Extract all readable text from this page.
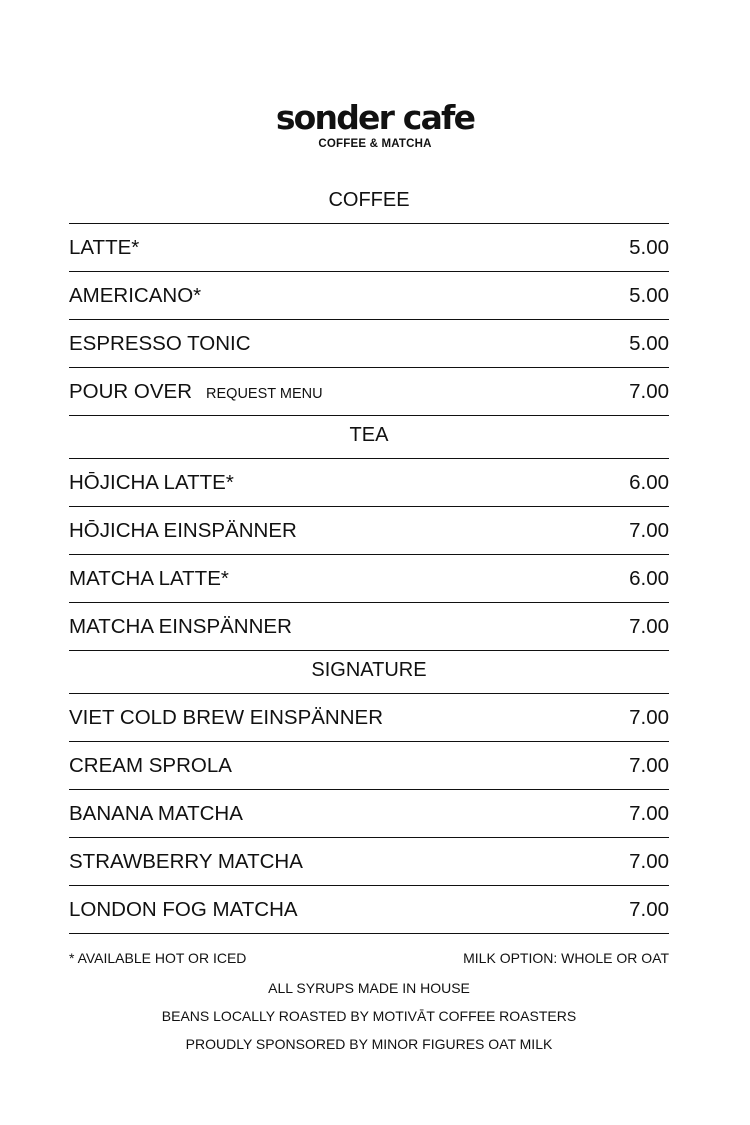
sonder cafe
COFFEE & MATCHA
COFFEE
LATTE*	5.00
AMERICANO*	5.00
ESPRESSO TONIC	5.00
POUR OVER REQUEST MENU	7.00
TEA
HŌJICHA LATTE*	6.00
HŌJICHA EINSPÄNNER	7.00
MATCHA LATTE*	6.00
MATCHA EINSPÄNNER	7.00
SIGNATURE
VIET COLD BREW EINSPÄNNER	7.00
CREAM SPROLA	7.00
BANANA MATCHA	7.00
STRAWBERRY MATCHA	7.00
LONDON FOG MATCHA	7.00
* AVAILABLE HOT OR ICED	MILK OPTION: WHOLE OR OAT
ALL SYRUPS MADE IN HOUSE
BEANS LOCALLY ROASTED BY MOTIVĀT COFFEE ROASTERS
PROUDLY SPONSORED BY MINOR FIGURES OAT MILK
